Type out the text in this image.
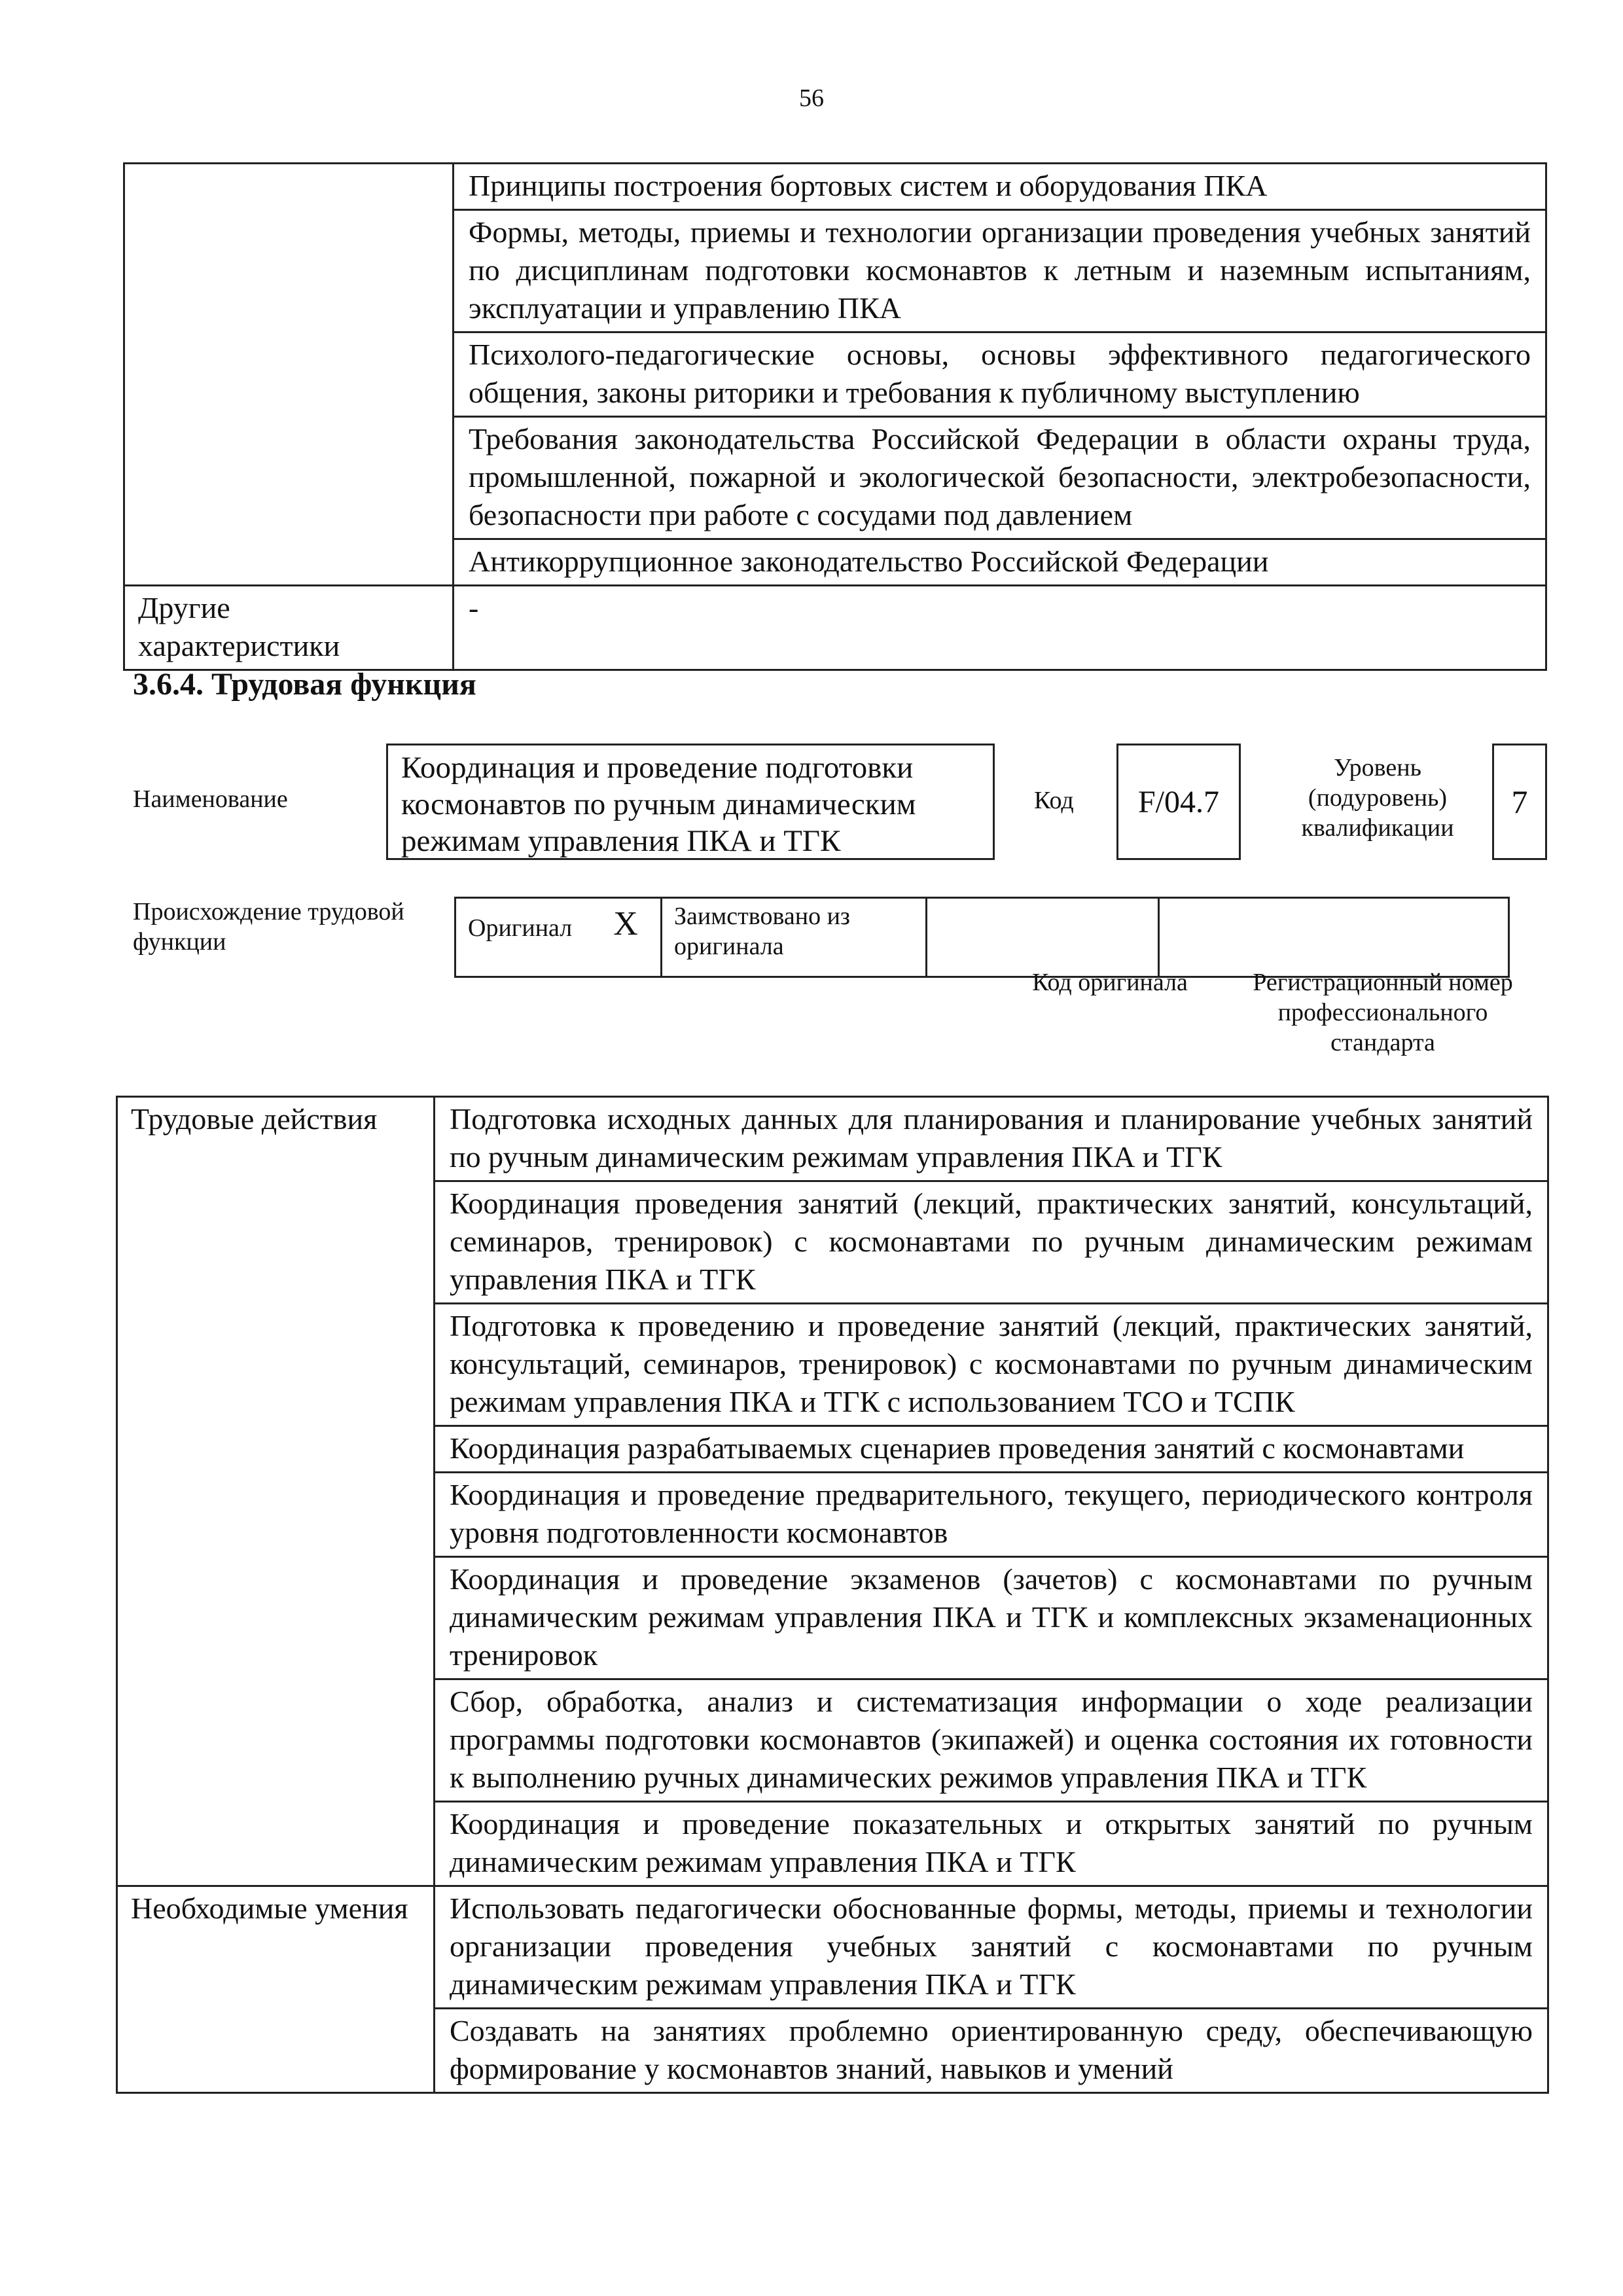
56
	Принципы построения бортовых систем и оборудования ПКА
	Формы, методы, приемы и технологии организации проведения учебных занятий по дисциплинам подготовки космонавтов к летным и наземным испытаниям, эксплуатации и управлению ПКА
	Психолого-педагогические основы, основы эффективного педагогического общения, законы риторики и требования к публичному выступлению
	Требования законодательства Российской Федерации в области охраны труда, промышленной, пожарной и экологической безопасности, электробезопасности, безопасности при работе с сосудами под давлением
	Антикоррупционное законодательство Российской Федерации
Другие характеристики	-
3.6.4. Трудовая функция
Наименование
Координация и проведение подготовки космонавтов по ручным динамическим режимам управления ПКА и ТГК
Код	F/04.7
Уровень (подуровень) квалификации
7
Происхождение трудовой функции	Оригинал	X	Заимствовано из оригинала		
Код оригинала	Регистрационный номер профессионального стандарта
Трудовые действия	Подготовка исходных данных для планирования и планирование учебных занятий по ручным динамическим режимам управления ПКА и ТГК
	Координация проведения занятий (лекций, практических занятий, консультаций, семинаров, тренировок) с космонавтами по ручным динамическим режимам управления ПКА и ТГК
	Подготовка к проведению и проведение занятий (лекций, практических занятий, консультаций, семинаров, тренировок) с космонавтами по ручным динамическим режимам управления ПКА и ТГК с использованием ТСО и ТСПК
	Координация разрабатываемых сценариев проведения занятий с космонавтами
	Координация и проведение предварительного, текущего, периодического контроля уровня подготовленности космонавтов
	Координация и проведение экзаменов (зачетов) с космонавтами по ручным динамическим режимам управления ПКА и ТГК и комплексных экзаменационных тренировок
	Сбор, обработка, анализ и систематизация информации о ходе реализации программы подготовки космонавтов (экипажей) и оценка состояния их готовности к выполнению ручных динамических режимов управления ПКА и ТГК
	Координация и проведение показательных и открытых занятий по ручным динамическим режимам управления ПКА и ТГК
Необходимые умения	Использовать педагогически обоснованные формы, методы, приемы и технологии организации проведения учебных занятий с космонавтами по ручным динамическим режимам управления ПКА и ТГК
	Создавать на занятиях проблемно ориентированную среду, обеспечивающую формирование у космонавтов знаний, навыков и умений
